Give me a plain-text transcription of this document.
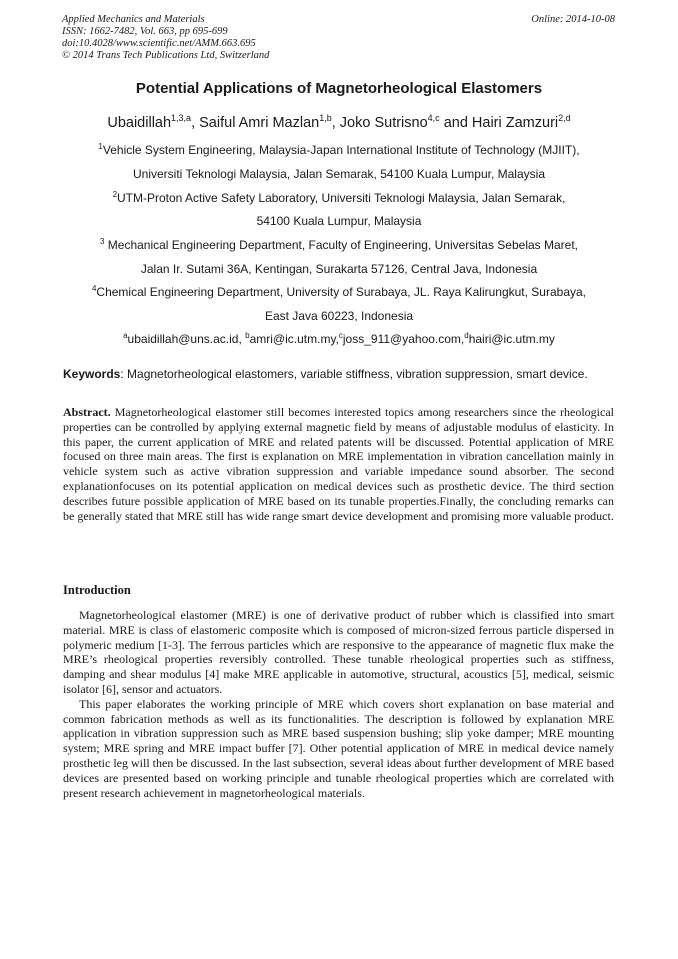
Applied Mechanics and Materials
ISSN: 1662-7482, Vol. 663, pp 695-699
doi:10.4028/www.scientific.net/AMM.663.695
© 2014 Trans Tech Publications Ltd, Switzerland
Online: 2014-10-08
Potential Applications of Magnetorheological Elastomers
Ubaidillah$^{1,3,a}$, Saiful Amri Mazlan$^{1,b}$, Joko Sutrisno$^{4,c}$ and Hairi Zamzuri$^{2,d}$
$^1$Vehicle System Engineering, Malaysia-Japan International Institute of Technology (MJIIT),
Universiti Teknologi Malaysia, Jalan Semarak, 54100 Kuala Lumpur, Malaysia
$^2$UTM-Proton Active Safety Laboratory, Universiti Teknologi Malaysia, Jalan Semarak,
54100 Kuala Lumpur, Malaysia
$^3$ Mechanical Engineering Department, Faculty of Engineering, Universitas Sebelas Maret,
Jalan Ir. Sutami 36A, Kentingan, Surakarta 57126, Central Java, Indonesia
$^4$Chemical Engineering Department, University of Surabaya, JL. Raya Kalirungkut, Surabaya,
East Java 60223, Indonesia
$^a$ubaidillah@uns.ac.id, $^b$amri@ic.utm.my,$^c$joss_911@yahoo.com,$^d$hairi@ic.utm.my
Keywords: Magnetorheological elastomers, variable stiffness, vibration suppression, smart device.
Abstract. Magnetorheological elastomer still becomes interested topics among researchers since the rheological properties can be controlled by applying external magnetic field by means of adjustable modulus of elasticity. In this paper, the current application of MRE and related patents will be discussed. Potential application of MRE focused on three main areas. The first is explanation on MRE implementation in vibration cancellation mainly in vehicle system such as active vibration suppression and variable impedance sound absorber. The second explanationfocuses on its potential application on medical devices such as prosthetic device. The third section describes future possible application of MRE based on its tunable properties.Finally, the concluding remarks can be generally stated that MRE still has wide range smart device development and promising more valuable product.
Introduction

Magnetorheological elastomer (MRE) is one of derivative product of rubber which is classified into smart material. MRE is class of elastomeric composite which is composed of micron-sized ferrous particle dispersed in polymeric medium [1-3]. The ferrous particles which are responsive to the appearance of magnetic flux make the MRE’s rheological properties reversibly controlled. These tunable rheological properties such as stiffness, damping and shear modulus [4] make MRE applicable in automotive, structural, acoustics [5], medical, seismic isolator [6], sensor and actuators.

This paper elaborates the working principle of MRE which covers short explanation on base material and common fabrication methods as well as its functionalities. The description is followed by explanation MRE application in vibration suppression such as MRE based suspension bushing; slip yoke damper; MRE mounting system; MRE spring and MRE impact buffer [7]. Other potential application of MRE in medical device namely prosthetic leg will then be discussed. In the last subsection, several ideas about further development of MRE based devices are presented based on working principle and tunable rheological properties which are correlated with present research achievement in magnetorheological materials.
